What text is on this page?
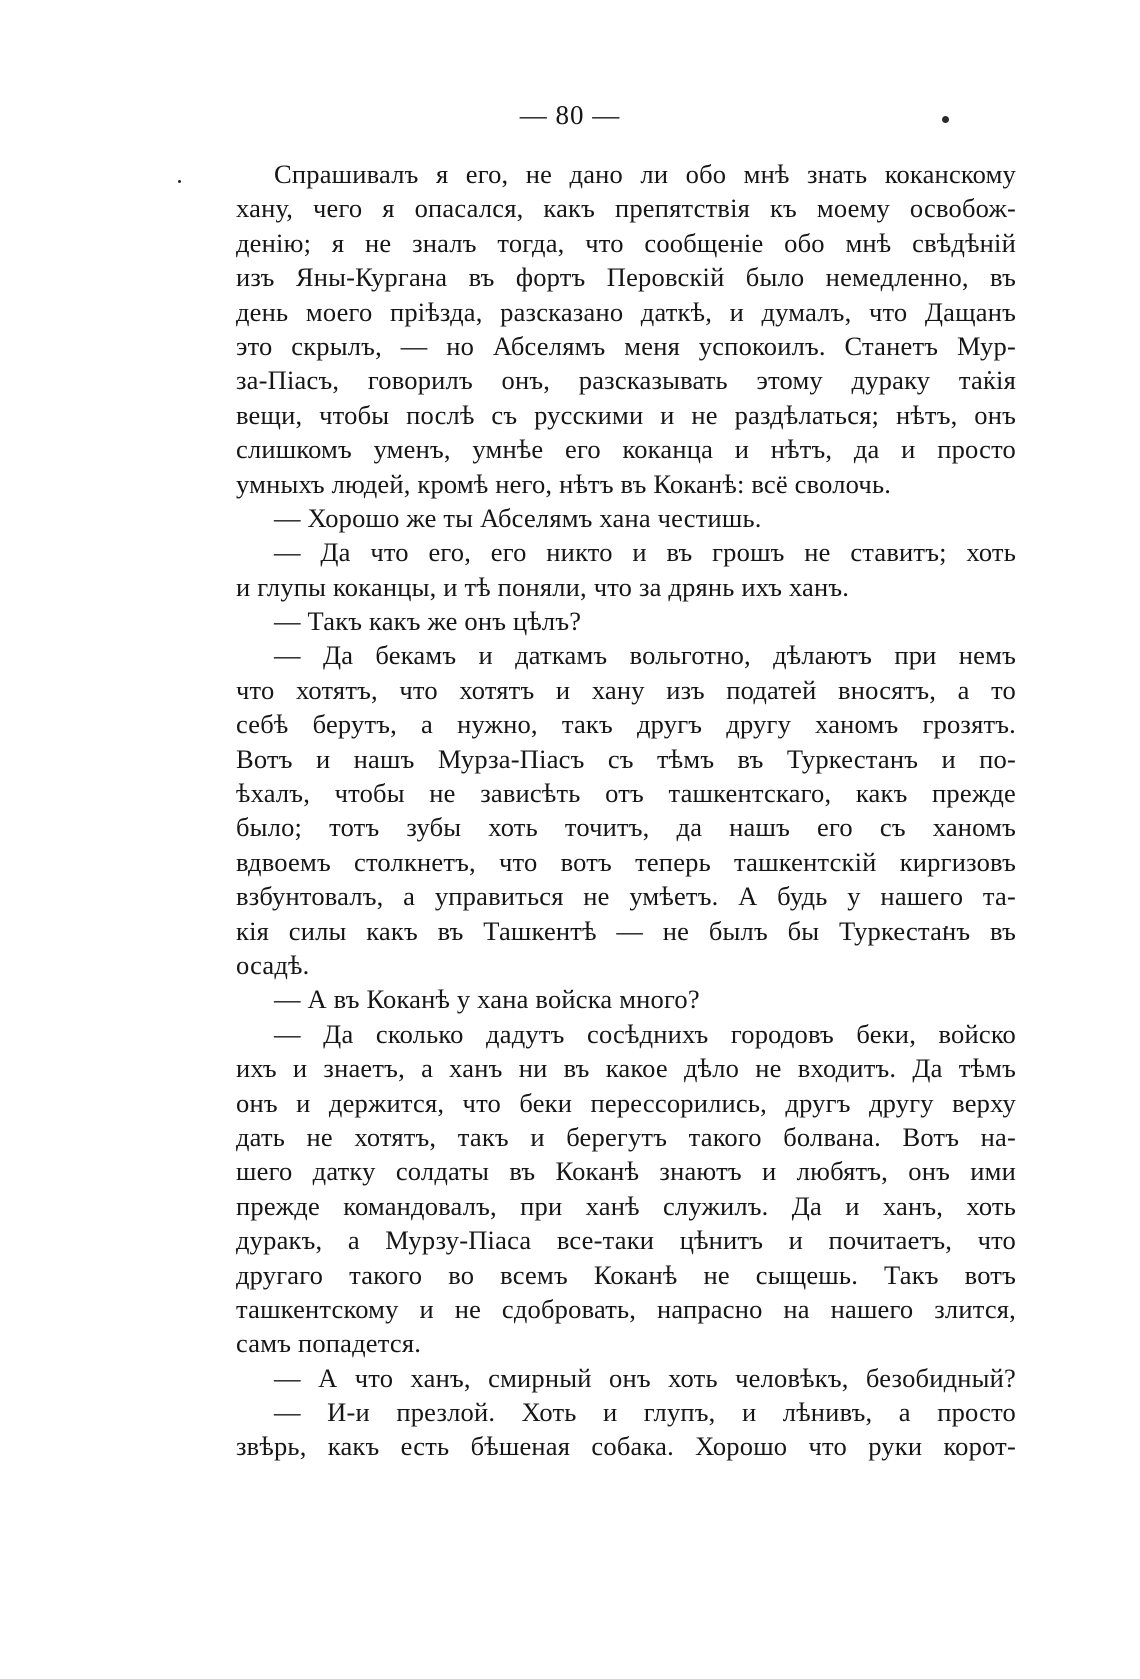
— 80 —
Спрашивалъ я его, не дано ли обо мнѣ знать коканскому
хану, чего я опасался, какъ препятствія къ моему освобож-
денію; я не зналъ тогда, что сообщеніе обо мнѣ свѣдѣній
изъ Яны-Кургана въ фортъ Перовскій было немедленно, въ
день моего пріѣзда, разсказано даткѣ, и думалъ, что Дащанъ
это скрылъ, — но Абселямъ меня успокоилъ. Станетъ Мур-
за-Піасъ, говорилъ онъ, разсказывать этому дураку такія
вещи, чтобы послѣ съ русскими и не раздѣлаться; нѣтъ, онъ
слишкомъ уменъ, умнѣе его коканца и нѣтъ, да и просто
умныхъ людей, кромѣ него, нѣтъ въ Коканѣ: всё сволочь.
— Хорошо же ты Абселямъ хана честишь.
— Да что его, его никто и въ грошъ не ставитъ; хоть
и глупы коканцы, и тѣ поняли, что за дрянь ихъ ханъ.
— Такъ какъ же онъ цѣлъ?
— Да бекамъ и даткамъ вольготно, дѣлаютъ при немъ
что хотятъ, что хотятъ и хану изъ податей вносятъ, а то
себѣ берутъ, а нужно, такъ другъ другу ханомъ грозятъ.
Вотъ и нашъ Мурза-Піасъ съ тѣмъ въ Туркестанъ и по-
ѣхалъ, чтобы не зависѣть отъ ташкентскаго, какъ прежде
было; тотъ зубы хоть точитъ, да нашъ его съ ханомъ
вдвоемъ столкнетъ, что вотъ теперь ташкентскій киргизовъ
взбунтовалъ, а управиться не умѣетъ. А будь у нашего та-
кія силы какъ въ Ташкентѣ — не былъ бы Туркестанъ въ
осадѣ.
— А въ Коканѣ у хана войска много?
— Да сколько дадутъ сосѣднихъ городовъ беки, войско
ихъ и знаетъ, а ханъ ни въ какое дѣло не входитъ. Да тѣмъ
онъ и держится, что беки перессорились, другъ другу верху
дать не хотятъ, такъ и берегутъ такого болвана. Вотъ на-
шего датку солдаты въ Коканѣ знаютъ и любятъ, онъ ими
прежде командовалъ, при ханѣ служилъ. Да и ханъ, хоть
дуракъ, а Мурзу-Піаса все-таки цѣнитъ и почитаетъ, что
другаго такого во всемъ Коканѣ не сыщешь. Такъ вотъ
ташкентскому и не сдобровать, напрасно на нашего злится,
самъ попадется.
— А что ханъ, смирный онъ хоть человѣкъ, безобидный?
— И-и презлой. Хоть и глупъ, и лѣнивъ, а просто
звѣрь, какъ есть бѣшеная собака. Хорошо что руки корот-
